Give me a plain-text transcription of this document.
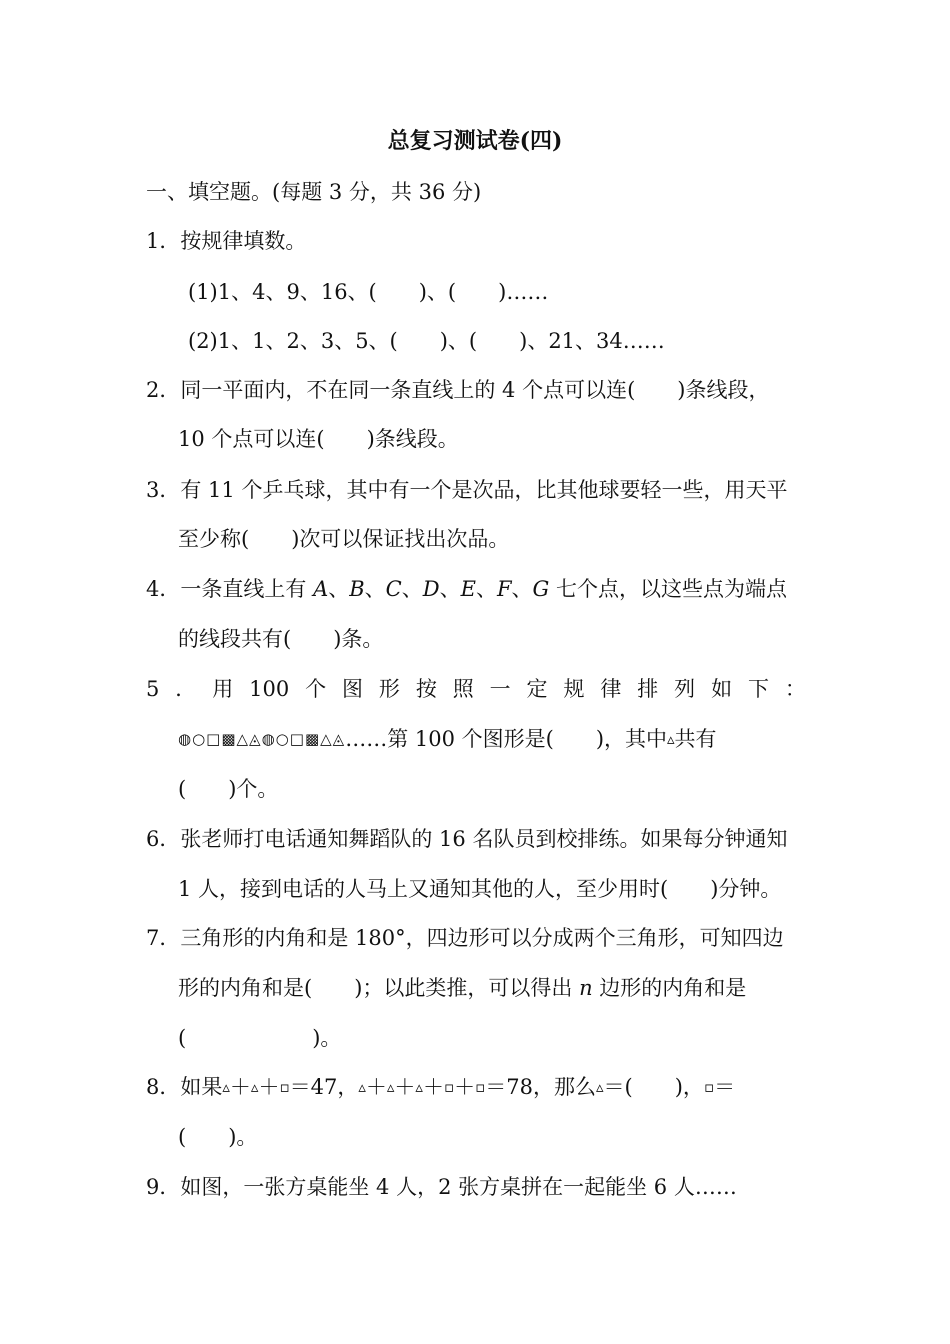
总复习测试卷(四)
一、填空题。(每题 3 分，共 36 分)
1．按规律填数。
(1)1、4、9、16、(　　)、(　　)……
(2)1、1、2、3、5、(　　)、(　　)、21、34……
2．同一平面内，不在同一条直线上的 4 个点可以连(　　)条线段，
10 个点可以连(　　)条线段。
3．有 11 个乒乓球，其中有一个是次品，比其他球要轻一些，用天平
至少称(　　)次可以保证找出次品。
4．一条直线上有 A、B、C、D、E、F、G 七个点，以这些点为端点
的线段共有(　　)条。
5 ． 用 100 个 图 形 按 照 一 定 规 律 排 列 如 下 ：
◍○□▩△◬◍○□▩△◬……第 100 个图形是(　　)，其中▵共有
(　　)个。
6．张老师打电话通知舞蹈队的 16 名队员到校排练。如果每分钟通知
1 人，接到电话的人马上又通知其他的人，至少用时(　　)分钟。
7．三角形的内角和是 180°，四边形可以分成两个三角形，可知四边
形的内角和是(　　)；以此类推，可以得出 n 边形的内角和是
(　　　　　　)。
8．如果▵＋▵＋▫＝47，▵＋▵＋▵＋▫＋▫＝78，那么▵＝(　　)，▫＝
(　　)。
9．如图，一张方桌能坐 4 人，2 张方桌拼在一起能坐 6 人……
